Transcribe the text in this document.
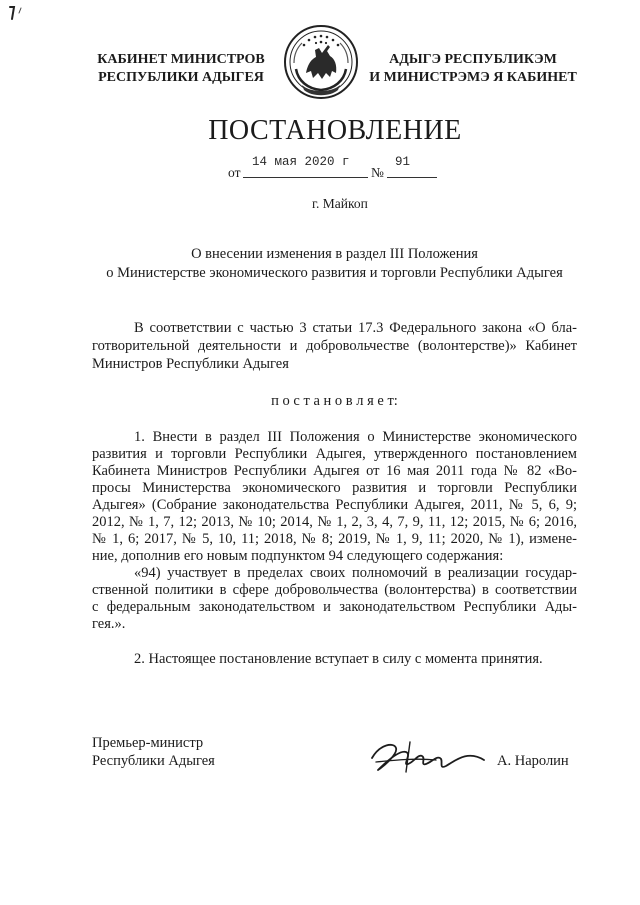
КАБИНЕТ МИНИСТРОВ
РЕСПУБЛИКИ АДЫГЕЯ
АДЫГЭ РЕСПУБЛИКЭМ
И МИНИСТРЭМЭ Я КАБИНЕТ
ПОСТАНОВЛЕНИЕ
от
14 мая 2020 г
№
91
г. Майкоп
О внесении изменения в раздел III Положения
о Министерстве экономического развития и торговли Республики Адыгея
В соответствии с частью 3 статьи 17.3 Федерального закона «О бла-
готворительной деятельности и добровольчестве (волонтерстве)» Кабинет
Министров Республики Адыгея
п о с т а н о в л я е т:
1. Внести в раздел III Положения о Министерстве экономического
развития и торговли Республики Адыгея, утвержденного постановлением
Кабинета Министров Республики Адыгея от 16 мая 2011 года № 82 «Во-
просы Министерства экономического развития и торговли Республики
Адыгея» (Собрание законодательства Республики Адыгея, 2011, № 5, 6, 9;
2012, № 1, 7, 12; 2013, № 10; 2014, № 1, 2, 3, 4, 7, 9, 11, 12; 2015, № 6; 2016,
№ 1, 6; 2017, № 5, 10, 11; 2018, № 8; 2019, № 1, 9, 11; 2020, № 1), измене-
ние, дополнив его новым подпунктом 94 следующего содержания:
«94) участвует в пределах своих полномочий в реализации государ-
ственной политики в сфере добровольчества (волонтерства) в соответствии
с федеральным законодательством и законодательством Республики Ады-
гея.».
2. Настоящее постановление вступает в силу с момента принятия.
Премьер-министр
Республики Адыгея	А. Наролин
